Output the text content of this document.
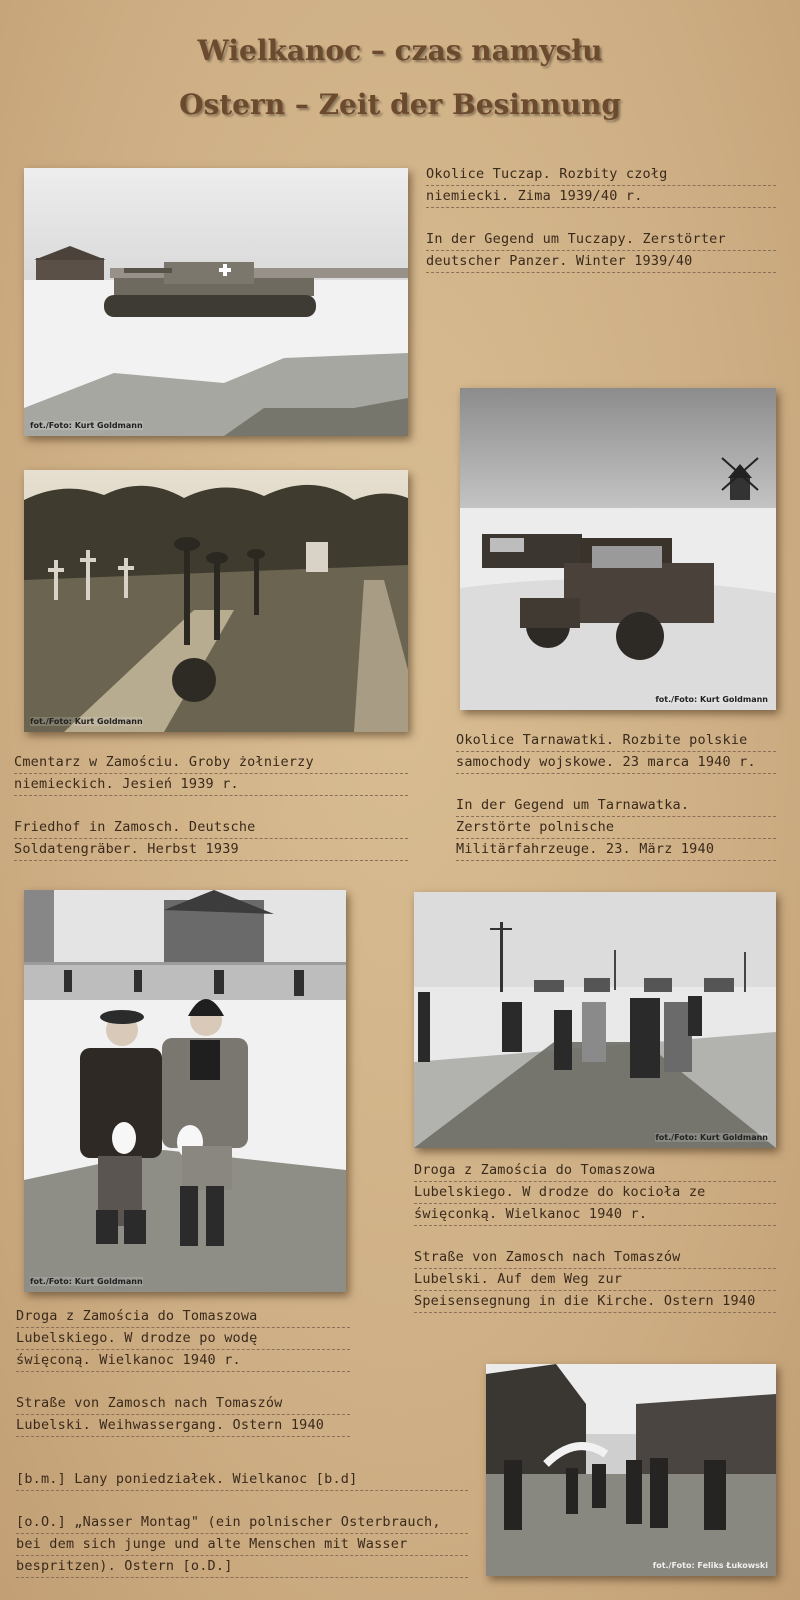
Wielkanoc – czas namysłu
Ostern – Zeit der Besinnung
fot./Foto: Kurt Goldmann
Okolice Tuczap. Rozbity czołg
niemiecki. Zima 1939/40 r.
In der Gegend um Tuczapy. Zerstörter
deutscher Panzer. Winter 1939/40
fot./Foto: Kurt Goldmann
fot./Foto: Kurt Goldmann
Okolice Tarnawatki. Rozbite polskie
samochody wojskowe. 23 marca 1940 r.
In der Gegend um Tarnawatka.
Zerstörte polnische
Militärfahrzeuge. 23. März 1940
Cmentarz w Zamościu. Groby żołnierzy
niemieckich. Jesień 1939 r.
Friedhof in Zamosch. Deutsche
Soldatengräber. Herbst 1939
fot./Foto: Kurt Goldmann
fot./Foto: Kurt Goldmann
Droga z Zamościa do Tomaszowa
Lubelskiego. W drodze do kocioła ze
święconką. Wielkanoc 1940 r.
Straße von Zamosch nach Tomaszów
Lubelski. Auf dem Weg zur
Speisensegnung in die Kirche. Ostern 1940
Droga z Zamościa do Tomaszowa
Lubelskiego. W drodze po wodę
święconą. Wielkanoc 1940 r.
Straße von Zamosch nach Tomaszów
Lubelski. Weihwassergang. Ostern 1940
fot./Foto: Feliks Łukowski
[b.m.] Lany poniedziałek. Wielkanoc [b.d]
[o.O.] „Nasser Montag" (ein polnischer Osterbrauch,
bei dem sich junge und alte Menschen mit Wasser
bespritzen). Ostern [o.D.]
